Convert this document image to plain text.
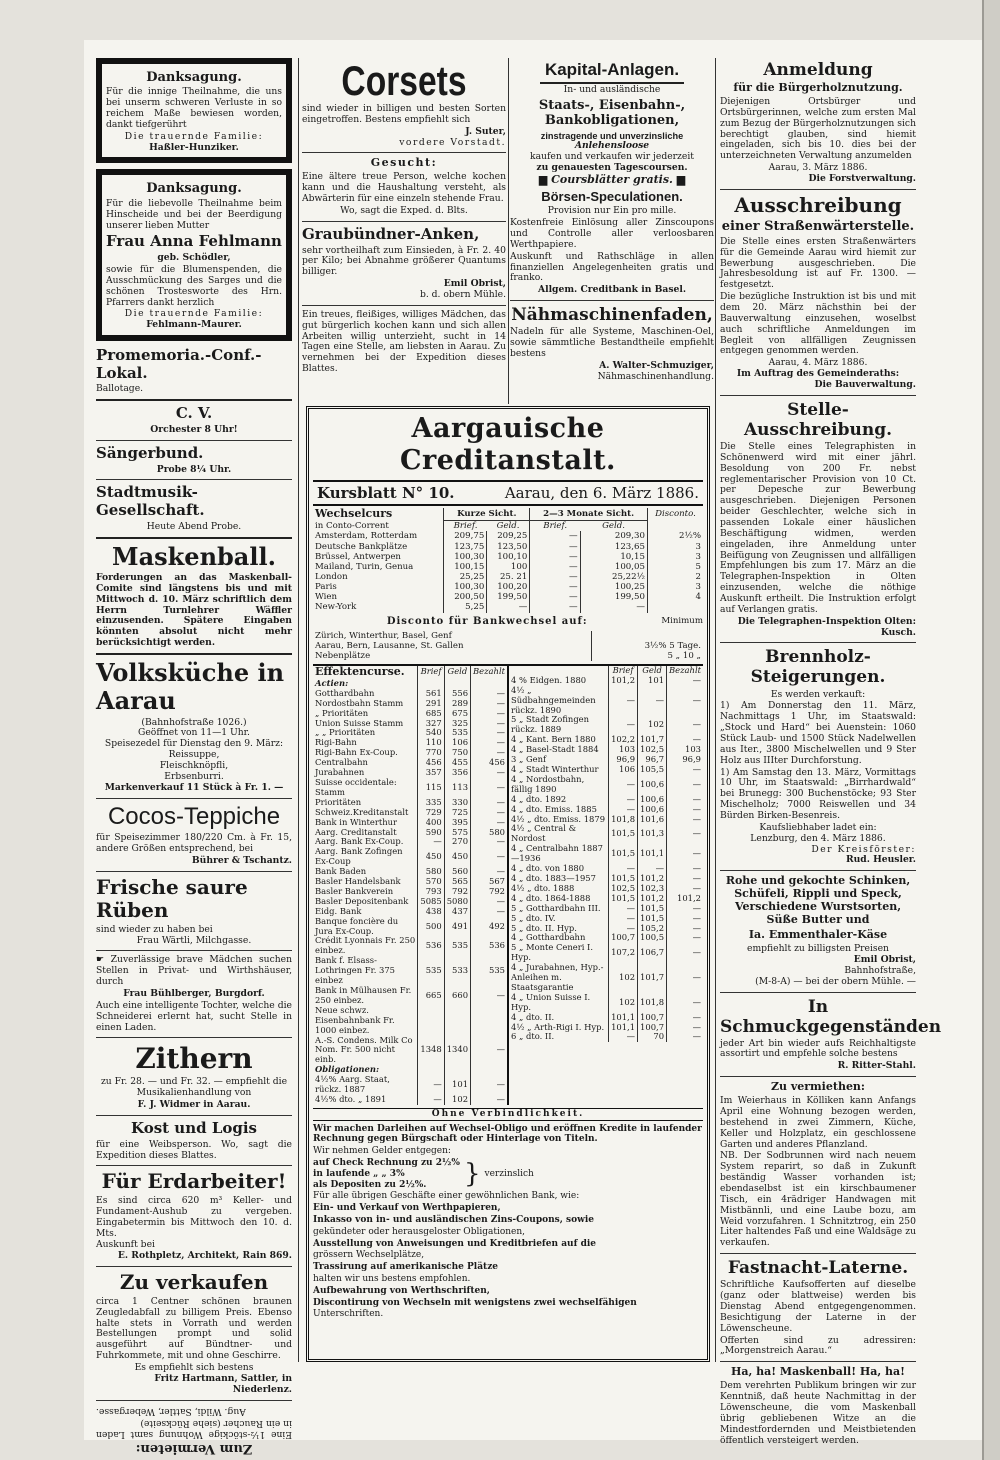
Danksagung.

Für die innige Theilnahme, die uns bei unserm schweren Verluste in so reichem Maße bewiesen worden, dankt tiefgerührt

Die trauernde Familie:
Haßler-Hunziker.
Danksagung.

Für die liebevolle Theilnahme beim Hinscheide und bei der Beerdigung unserer lieben Mutter

Frau Anna Fehlmann
geb. Schödler,

sowie für die Blumenspenden, die Ausschmückung des Sarges und die schönen Trostesworte des Hrn. Pfarrers dankt herzlich

Die trauernde Familie:
Fehlmann-Maurer.
Promemoria.-Conf.-Lokal.
Ballotage.
C. V.
Orchester 8 Uhr!
Sängerbund.
Probe 8¼ Uhr.
Stadtmusik-Gesellschaft.
Heute Abend Probe.
Maskenball.

Forderungen an das Maskenball-Comite sind längstens bis und mit Mittwoch d. 10. März schriftlich dem Herrn Turnlehrer Wäffler einzusenden. Spätere Eingaben könnten absolut nicht mehr berücksichtigt werden.

Volksküche in Aarau
(Bahnhofstraße 1026.)
Geöffnet von 11—1 Uhr.
Speisezedel für Dienstag den 9. März:
Reissuppe,
Fleischknöpfli,
Erbsenburri.
Markenverkauf 11 Stück à Fr. 1. —
Cocos-Teppiche

für Speisezimmer 180/220 Cm. à Fr. 15, andere Größen entsprechend, bei

Bührer & Tschantz.
Frische saure Rüben
sind wieder zu haben bei
Frau Wärtli, Milchgasse.

☛ Zuverlässige brave Mädchen suchen Stellen in Privat- und Wirthshäuser, durch

Frau Bühlberger, Burgdorf.

Auch eine intelligente Tochter, welche die Schneiderei erlernt hat, sucht Stelle in einen Laden.

Zithern

zu Fr. 28. — und Fr. 32. — empfiehlt die Musikalienhandlung von

F. J. Widmer in Aarau.
Kost und Logis

für eine Weibsperson. Wo, sagt die Expedition dieses Blattes.

Für Erdarbeiter!

Es sind circa 620 m³ Keller- und Fundament-Aushub zu vergeben. Eingabetermin bis Mittwoch den 10. d. Mts.

Auskunft bei
E. Rothpletz, Architekt, Rain 869.
Zu verkaufen

circa 1 Centner schönen braunen Zeugledabfall zu billigem Preis. Ebenso halte stets in Vorrath und werden Bestellungen prompt und solid ausgeführt auf Bündtner- und Fuhrkommete, mit und ohne Geschirre.

Es empfiehlt sich bestens
Fritz Hartmann, Sattler, in Niederlenz.
Zum Vermieten:

Eine 1½-stöckige Wohnung samt Laden in ein Raucher (siehe Rückseite)

Aug. Wildi, Sattler, Webergasse.
Corsets

sind wieder in billigen und besten Sorten eingetroffen. Bestens empfiehlt sich

J. Suter,
vordere Vorstadt.
Gesucht:

Eine ältere treue Person, welche kochen kann und die Haushaltung versteht, als Abwärterin für eine einzeln stehende Frau.

Wo, sagt die Exped. d. Blts.
Graubündner-Anken,

sehr vortheilhaft zum Einsieden, à Fr. 2. 40 per Kilo; bei Abnahme größerer Quantums billiger.

Emil Obrist,
b. d. obern Mühle.

Ein treues, fleißiges, williges Mädchen, das gut bürgerlich kochen kann und sich allen Arbeiten willig unterzieht, sucht in 14 Tagen eine Stelle, am liebsten in Aarau. Zu vernehmen bei der Expedition dieses Blattes.

Kapital-Anlagen.
In- und ausländische
Staats-, Eisenbahn-, Bankobligationen,
zinstragende und unverzinsliche
Anlehensloose
kaufen und verkaufen wir jederzeit
zu genauesten Tagescoursen.
▆ Coursblätter gratis. ▆
Börsen-Speculationen.
Provision nur Ein pro mille.

Kostenfreie Einlösung aller Zinscoupons und Controlle aller verloosbaren Werthpapiere.

Auskunft und Rathschläge in allen finanziellen Angelegenheiten gratis und franko.

Allgem. Creditbank in Basel.
Nähmaschinenfaden,

Nadeln für alle Systeme, Maschinen-Oel, sowie sämmtliche Bestandtheile empfiehlt bestens

A. Walter-Schmuziger,
Nähmaschinenhandlung.
Aargauische Creditanstalt.
Kursblatt N° 10.	Aarau, den 6. März 1886.
Wechselcurs	Kurze Sicht.		2—3 Monate Sicht.		Disconto.
in Conto-Corrent	Brief.	Geld.	Brief.	Geld.	
Amsterdam, Rotterdam	209,75	209,25	—	209,30	2½%
Deutsche Bankplätze	123,75	123,50	—	123,65	3
Brüssel, Antwerpen	100,30	100,10	—	10,15	3
Mailand, Turin, Genua	100,15	100	—	100,05	5
London	25,25	25. 21	—	25,22½	2
Paris	100,30	100,20	—	100,25	3
Wien	200,50	199,50	—	199,50	4
New-York	5,25	—	—	—	
Disconto für Bankwechsel auf:	Minimum
Zürich, Winterthur, Basel, Genf	
Aarau, Bern, Lausanne, St. Gallen	3½% 5 Tage.
Nebenplätze	5 „ 10 „
Effektencurse.	Brief	Geld	Bezahlt
Actien:			
Gotthardbahn	561	556	—
Nordostbahn Stamm	291	289	—
„ Prioritäten	685	675	—
Union Suisse Stamm	327	325	—
„ „ Prioritäten	540	535	—
Rigi-Bahn	110	106	—
Rigi-Bahn Ex-Coup.	770	750	—
Centralbahn	456	455	456
Jurabahnen	357	356	—
Suisse occidentale: Stamm	115	113	—
Prioritäten	335	330	—
Schweiz.Kreditanstalt	729	725	—
Bank in Winterthur	400	395	—
Aarg. Creditanstalt	590	575	580
Aarg. Bank Ex-Coup.	—	270	—
Aarg. Bank Zofingen Ex-Coup	450	450	—
Bank Baden	580	560	—
Basler Handelsbank	570	565	567
Basler Bankverein	793	792	792
Basler Depositenbank	5085	5080	—
Eidg. Bank	438	437	—
Banque foncière du Jura Ex-Coup.	500	491	492
Crédit Lyonnais Fr. 250 einbez.	536	535	536
Bank f. Elsass-Lothringen Fr. 375 einbez	535	533	535
Bank in Mülhausen Fr. 250 einbez.	665	660	—
Neue schwz. Eisenbahnbank Fr. 1000 einbez.			
A.-S. Condens. Milk Co Nom. Fr. 500 nicht einb.	1348	1340	—
Obligationen:			
4½% Aarg. Staat, rückz. 1887	—	101	—
4½% dto. „ 1891	—	102	—
	Brief	Geld	Bezahlt
4 % Eidgen. 1880	101,2	101	—
4½ „ Südbahngemeinden rückz. 1890	—	—	—
5 „ Stadt Zofingen rückz. 1889	—	102	—
4 „ Kant. Bern 1880	102,2	101,7	—
4 „ Basel-Stadt 1884	103	102,5	103
3 „ Genf	96,9	96,7	96,9
4 „ Stadt Winterthur	106	105,5	—
4 „ Nordostbahn, fällig 1890	—	100,6	—
4 „ dto. 1892	—	100,6	—
4 „ dto. Emiss. 1885	—	100,6	—
4½ „ dto. Emiss. 1879	101,8	101,6	—
4½ „ Central & Nordost	101,5	101,3	—
4 „ Centralbahn 1887—1936	101,5	101,1	—
4 „ dto. von 1880	—	—	—
4 „ dto. 1883—1957	101,5	101,2	—
4½ „ dto. 1888	102,5	102,3	—
4 „ dto. 1864-1888	101,5	101,2	101,2
5 „ Gotthardbahn III.	—	101,5	—
5 „ dto. IV.	—	101,5	—
5 „ dto. II. Hyp.	—	105,2	—
4 „ Gotthardbahn	100,7	100,5	—
5 „ Monte Ceneri I. Hyp.	107,2	106,7	—
4 „ Jurabahnen, Hyp.-Anleihen m. Staatsgarantie	102	101,7	—
4 „ Union Suisse I. Hyp.	102	101,8	—
4 „ dto. II.	101,1	100,7	—
4½ „ Arth-Rigi I. Hyp.	101,1	100,7	—
6 „ dto. II.	—	70	—
Ohne Verbindlichkeit.

Wir machen Darleihen auf Wechsel-Obligo und eröffnen Kredite in laufender Rechnung gegen Bürgschaft oder Hinterlage von Titeln.

Wir nehmen Gelder entgegen:

auf Check Rechnung zu 2½%
in laufende „ „ 3%
als Depositen zu 2½%.	} verzinslich

Für alle übrigen Geschäfte einer gewöhnlichen Bank, wie:

Ein- und Verkauf von Werthpapieren,

Inkasso von in- und ausländischen Zins-Coupons, sowie

gekündeter oder herausgeloster Obligationen,

Ausstellung von Anweisungen und Kreditbriefen auf die

grössern Wechselplätze,

Trassirung auf amerikanische Plätze

halten wir uns bestens empfohlen.

Aufbewahrung von Werthschriften,

Discontirung von Wechseln mit wenigstens zwei wechselfähigen

Unterschriften.

Anmeldung
für die Bürgerholznutzung.

Diejenigen Ortsbürger und Ortsbürgerinnen, welche zum ersten Mal zum Bezug der Bürgerholznutzungen sich berechtigt glauben, sind hiemit eingeladen, sich bis 10. dies bei der unterzeichneten Verwaltung anzumelden

Aarau, 3. März 1886.
Die Forstverwaltung.
Ausschreibung
einer Straßenwärterstelle.

Die Stelle eines ersten Straßenwärters für die Gemeinde Aarau wird hiemit zur Bewerbung ausgeschrieben. Die Jahresbesoldung ist auf Fr. 1300. — festgesetzt.

Die bezügliche Instruktion ist bis und mit dem 20. März nächsthin bei der Bauverwaltung einzusehen, woselbst auch schriftliche Anmeldungen im Begleit von allfälligen Zeugnissen entgegen genommen werden.

Aarau, 4. März 1886.
Im Auftrag des Gemeinderaths:
Die Bauverwaltung.
Stelle-Ausschreibung.

Die Stelle eines Telegraphisten in Schönenwerd wird mit einer jährl. Besoldung von 200 Fr. nebst reglementarischer Provision von 10 Ct. per Depesche zur Bewerbung ausgeschrieben. Diejenigen Personen beider Geschlechter, welche sich in passenden Lokale einer häuslichen Beschäftigung widmen, werden eingeladen, ihre Anmeldung unter Beifügung von Zeugnissen und allfälligen Empfehlungen bis zum 17. März an die Telegraphen-Inspektion in Olten einzusenden, welche die nöthige Auskunft ertheilt. Die Instruktion erfolgt auf Verlangen gratis.

Die Telegraphen-Inspektion Olten:
Kusch.
Brennholz-Steigerungen.
Es werden verkauft:

1) Am Donnerstag den 11. März, Nachmittags 1 Uhr, im Staatswald: „Stock und Hard“ bei Auenstein: 1060 Stück Laub- und 1500 Stück Nadelwellen aus Iter., 3800 Mischelwellen und 9 Ster Holz aus IIIter Durchforstung.

1) Am Samstag den 13. März, Vormittags 10 Uhr, im Staatswald: „Birrhardwald“ bei Brunegg: 300 Buchenstöcke; 93 Ster Mischelholz; 7000 Reiswellen und 34 Bürden Birken-Besenreis.

Kaufsliebhaber ladet ein:
Lenzburg, den 4. März 1886.
Der Kreisförster:
Rud. Heusler.
Rohe und gekochte Schinken, Schüfeli, Rippli und Speck, Verschiedene Wurstsorten, Süße Butter und
Ia. Emmenthaler-Käse
empfiehlt zu billigsten Preisen
Emil Obrist,
Bahnhofstraße,
(M-8-A) — bei der obern Mühle. —
In Schmuckgegenständen

jeder Art bin wieder aufs Reichhaltigste assortirt und empfehle solche bestens

R. Ritter-Stahl.
Zu vermiethen:

Im Weierhaus in Kölliken kann Anfangs April eine Wohnung bezogen werden, bestehend in zwei Zimmern, Küche, Keller und Holzplatz, ein geschlossene Garten und anderes Pflanzland.

NB. Der Sodbrunnen wird nach neuem System reparirt, so daß in Zukunft beständig Wasser vorhanden ist; ebendaselbst ist ein kirschbaumener Tisch, ein 4rädriger Handwagen mit Mistbännli, und eine Laube bozu, am Weid vorzufahren. 1 Schnitztrog, ein 250 Liter haltendes Faß und eine Waldsäge zu verkaufen.

Fastnacht-Laterne.

Schriftliche Kaufsofferten auf dieselbe (ganz oder blattweise) werden bis Dienstag Abend entgegengenommen. Besichtigung der Laterne in der Löwenscheune.

Offerten sind zu adressiren: „Morgenstreich Aarau.“

Ha, ha! Maskenball! Ha, ha!

Dem verehrten Publikum bringen wir zur Kenntniß, daß heute Nachmittag in der Löwenscheune, die vom Maskenball übrig gebliebenen Witze an die Mindestfordernden und Meistbietenden öffentlich versteigert werden.
